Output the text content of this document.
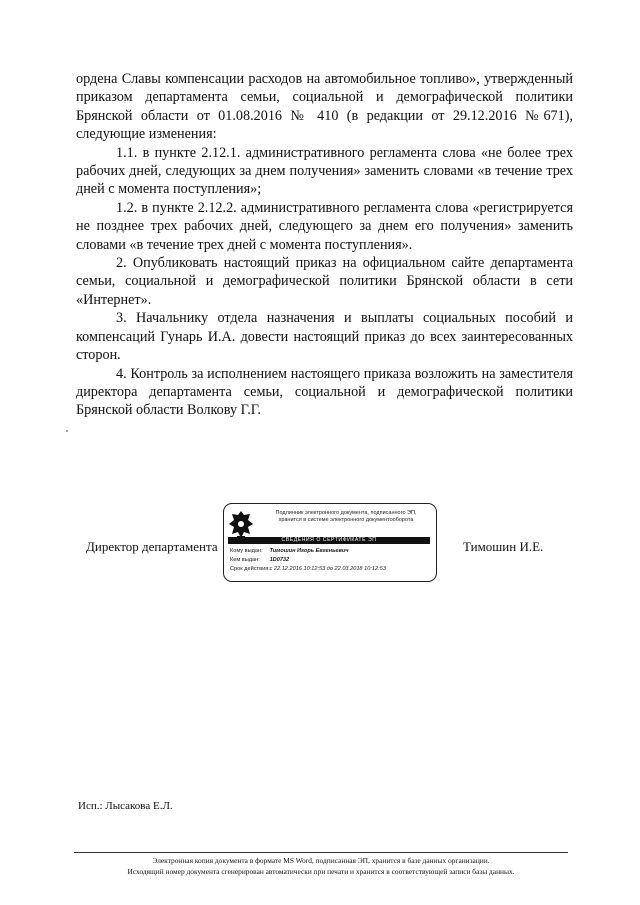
ордена Славы компенсации расходов на автомобильное топливо», утвержденный приказом департамента семьи, социальной и демографической политики Брянской области от 01.08.2016 № 410 (в редакции от 29.12.2016 №671), следующие изменения:

1.1. в пункте 2.12.1. административного регламента слова «не более трех рабочих дней, следующих за днем получения» заменить словами «в течение трех дней с момента поступления»;

1.2. в пункте 2.12.2. административного регламента слова «регистрируется не позднее трех рабочих дней, следующего за днем его получения» заменить словами «в течение трех дней с момента поступления».

2. Опубликовать настоящий приказ на официальном сайте департамента семьи, социальной и демографической политики Брянской области в сети «Интернет».

3. Начальнику отдела назначения и выплаты социальных пособий и компенсаций Гунарь И.А. довести настоящий приказ до всех заинтересованных сторон.

4. Контроль за исполнением настоящего приказа возложить на заместителя директора департамента семьи, социальной и демографической политики Брянской области Волкову Г.Г.

Директор департамента
Подлинник электронного документа, подписанного ЭП,
хранится в системе электронного документооборота
СВЕДЕНИЯ О СЕРТИФИКАТЕ ЭП
Кому выдан: Тимошин Игорь Евгеньевич
Кем выдан: 1D0732
Срок действия: с 22.12.2016 10:12:53 до 22.03.2018 10:12:53
Тимошин И.Е.
Исп.: Лысакова Е.Л.
Электронная копия документа в формате MS Word, подписанная ЭП, хранится в базе данных организации.
Исходящий номер документа сгенерирован автоматически при печати и хранится в соответствующей записи базы данных.
